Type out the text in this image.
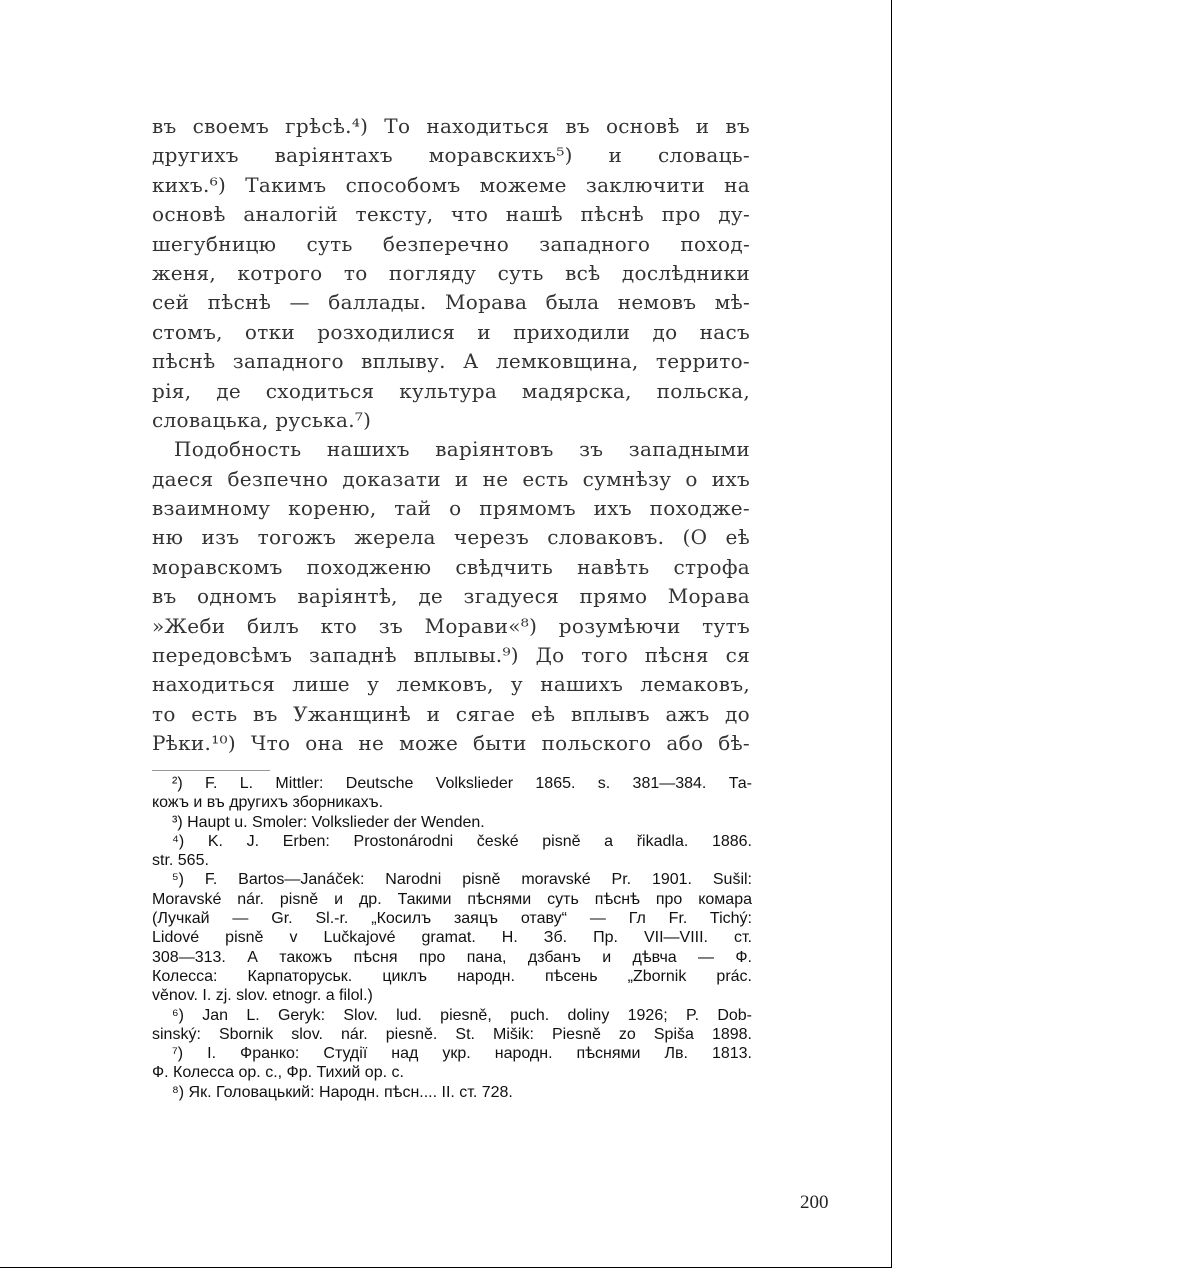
въ своемъ грѣсѣ.⁴) То находиться въ основѣ и въ
другихъ варіянтахъ моравскихъ⁵) и словаць-
кихъ.⁶) Такимъ способомъ можеме заключити на
основѣ аналогій тексту, что нашѣ пѣснѣ про ду-
шегубницю суть безперечно западного поход-
женя, котрого то погляду суть всѣ дослѣдники
сей пѣснѣ — баллады. Морава была немовъ мѣ-
стомъ, отки розходилися и приходили до насъ
пѣснѣ западного вплыву. А лемковщина, террито-
рія, де сходиться культура мадярска, польска,
словацька, руська.⁷)
Подобность нашихъ варіянтовъ зъ западными
даеся безпечно доказати и не есть сумнѣзу о ихъ
взаимному кореню, тай о прямомъ ихъ походже-
ню изъ тогожъ жерела черезъ словаковъ. (О eѣ
моравскомъ походженю свѣдчить навѣть строфа
въ одномъ варіянтѣ, де згадуеся прямо Морава
»Жеби билъ кто зъ Морави«⁸) розумѣючи тутъ
передовсѣмъ западнѣ вплывы.⁹) До того пѣсня ся
находиться лише у лемковъ, у нашихъ лемаковъ,
то есть въ Ужанщинѣ и сягае еѣ вплывъ ажъ до
Рѣки.¹⁰) Что она не може быти польского або бѣ-
²) F. L. Mittler: Deutsche Volkslieder 1865. s. 381—384. Та-
кожъ и въ другихъ зборникахъ.
³) Haupt u. Smoler: Volkslieder der Wenden.
⁴) K. J. Erben: Prostonárodni české pisně a řikadla. 1886.
str. 565.
⁵) F. Bartos—Janáček: Narodni pisně moravské Pr. 1901. Sušil:
Moravské nár. pisně и др. Такими пѣснями суть пѣснѣ про комара
(Лучкай — Gr. Sl.-r. „Косилъ заяцъ отаву“ — Гл Fr. Tichý:
Lidové pisně v Lučkajové gramat. H. Зб. Пр. VII—VIII. ст.
308—313. А такожъ пѣсня про пана, дзбанъ и дѣвча — Ф.
Колесса: Карпаторуськ. циклъ народн. пѣсень „Zbornik prác.
věnov. I. zj. slov. etnogr. a filol.)
⁶) Jan L. Geryk: Slov. lud. piesně, puch. doliny 1926; P. Dob-
sinský: Sbornik slov. nár. piesně. St. Mišik: Piesně zo Spiša 1898.
⁷) I. Франко: Студії над укр. народн. пѣснями Лв. 1813.
Ф. Колесса ор. с., Фр. Тихий ор. с.
⁸) Як. Головацький: Народн. пѣсн.... II. ст. 728.
200
